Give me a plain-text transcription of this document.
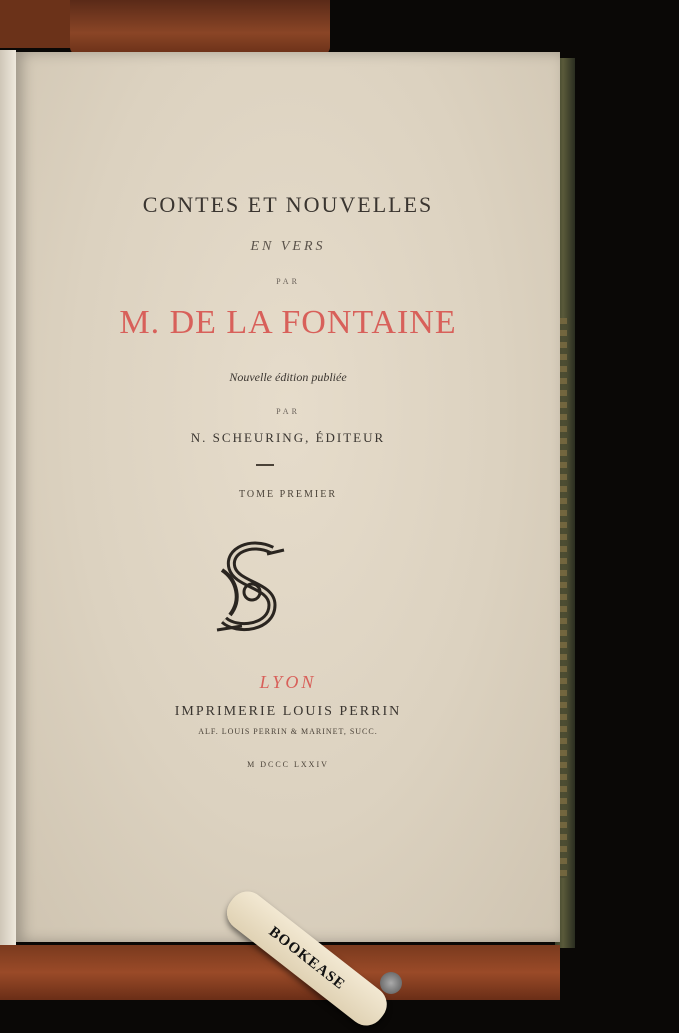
CONTES ET NOUVELLES
EN VERS
PAR
M. DE LA FONTAINE
Nouvelle édition publiée
PAR
N. SCHEURING, ÉDITEUR
TOME PREMIER
LYON
IMPRIMERIE LOUIS PERRIN
ALF. LOUIS PERRIN & MARINET, SUCC.
M DCCC LXXIV
BOOKEASE
